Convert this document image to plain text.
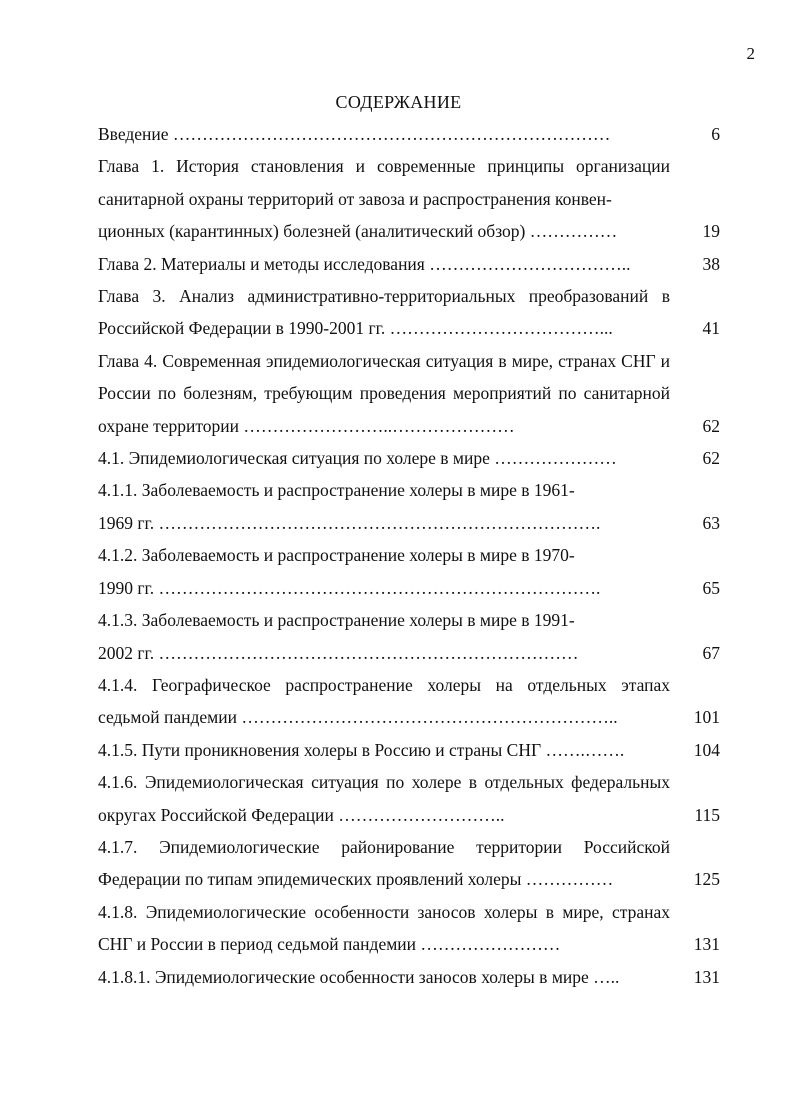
2
СОДЕРЖАНИЕ
Введение …………………………………………………………………	6
Глава 1. История становления и современные принципы организации санитарной охраны территорий от завоза и распространения конвен-
ционных (карантинных) болезней (аналитический обзор) ……………	19
Глава 2. Материалы и методы исследования ……………………………..	38
Глава 3. Анализ административно-территориальных преобразований в Российской Федерации в 1990-2001 гг. ………………………………...	41
Глава 4. Современная эпидемиологическая ситуация в мире, странах СНГ и России по болезням, требующим проведения мероприятий по санитарной охране территории ……………………..…………………	62
4.1. Эпидемиологическая ситуация по холере в мире …………………	62
4.1.1. Заболеваемость и распространение холеры в мире в 1961-
1969 гг. ………………………………………………………………….	63
4.1.2. Заболеваемость и распространение холеры в мире в 1970-
1990 гг. ………………………………………………………………….	65
4.1.3. Заболеваемость и распространение холеры в мире в 1991-
2002 гг. ………………………………………………………………	67
4.1.4. Географическое распространение холеры на отдельных этапах седьмой пандемии ………………………………………………………..	101
4.1.5. Пути проникновения холеры в Россию и страны СНГ …….…….	104
4.1.6. Эпидемиологическая ситуация по холере в отдельных федеральных округах Российской Федерации ………………………..	115
4.1.7. Эпидемиологические районирование территории Российской Федерации по типам эпидемических проявлений холеры ……………	125
4.1.8. Эпидемиологические особенности заносов холеры в мире, странах СНГ и России в период седьмой пандемии ……………………	131
4.1.8.1. Эпидемиологические особенности заносов холеры в мире …..	131
